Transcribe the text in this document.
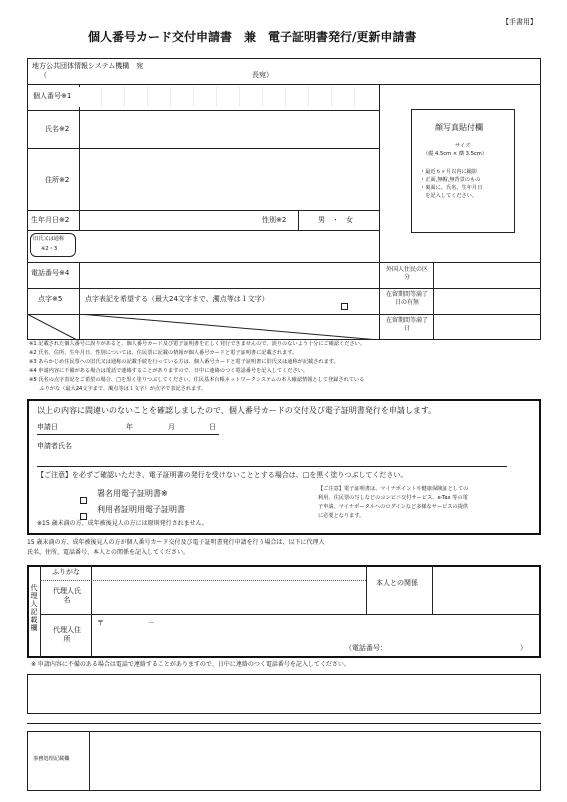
【手書用】
個人番号カード交付申請書　兼　電子証明書発行/更新申請書
地方公共団体情報システム機構　宛
（	長宛）
顔写真貼付欄
サイズ
（縦 4.5cm × 横 3.5cm）
・最近６ヶ月以内に撮影
・正面,無帽,無背景のもの
・裏面に、氏名、生年月日
　を記入してください。
個人番号※1
氏名※2
住所※2
生年月日※2	性別※2	男　・　女
旧氏又は通称
※2・3
電話番号※4	外国人住民の区分
点字※5	点字表記を希望する（最大24文字まで、濁点等は１文字）
在留期間等満了日の有無
在留期間等満了日
※1 記載された個人番号に誤りがあると、個人番号カード及び電子証明書を正しく発行できませんので、誤りのないよう十分にご確認ください。
※2 氏名、住所、生年月日、性別については、住民票に記載の情報が個人番号カードと電子証明書に記載されます。
※3 あらかじめ住民票への旧氏又は通称の記載手続を行っている方は、個人番号カードと電子証明書に旧氏又は通称が記載されます。
※4 申請内容に不備がある場合は電話で連絡することがありますので、日中に連絡のつく電話番号を記入してください。
※5 氏名の点字表記をご希望の場合、□を黒く塗りつぶしてください。住民基本台帳ネットワークシステムの本人確認情報として登録されている
　　ふりがな（最大24文字まで、濁点等は１文字）が点字で表記されます。
以上の内容に間違いのないことを確認しましたので、個人番号カードの交付及び電子証明書発行を申請します。
申請日	年	月	日
申請者氏名
【ご注意】を必ずご確認いただき、電子証明書の発行を受けないこととする場合は、□を黒く塗りつぶしてください。
署名用電子証明書※
利用者証明用電子証明書
※15 歳未満の方、成年被後見人の方には原則発行されません。
【ご注意】電子証明書は、マイナポイントや健康保険証としての
利用、住民票の写しなどのコンビニ交付サービス、e-Tax 等の電
子申請、マイナポータルへのログインなど多様なサービスの提供
に必要となります。
15 歳未満の方、成年被後見人の方が個人番号カード交付及び電子証明書発行申請を行う場合は、以下に代理人
氏名、住所、電話番号、本人との関係を記入してください。
代理人記載欄
ふりがな
代理人氏名
本人との関係
代理人住所
〒	－
（電話番号：	）
※ 申請内容に不備のある場合は電話で連絡することがありますので、日中に連絡のつく電話番号を記入してください。
事務処理記載欄
